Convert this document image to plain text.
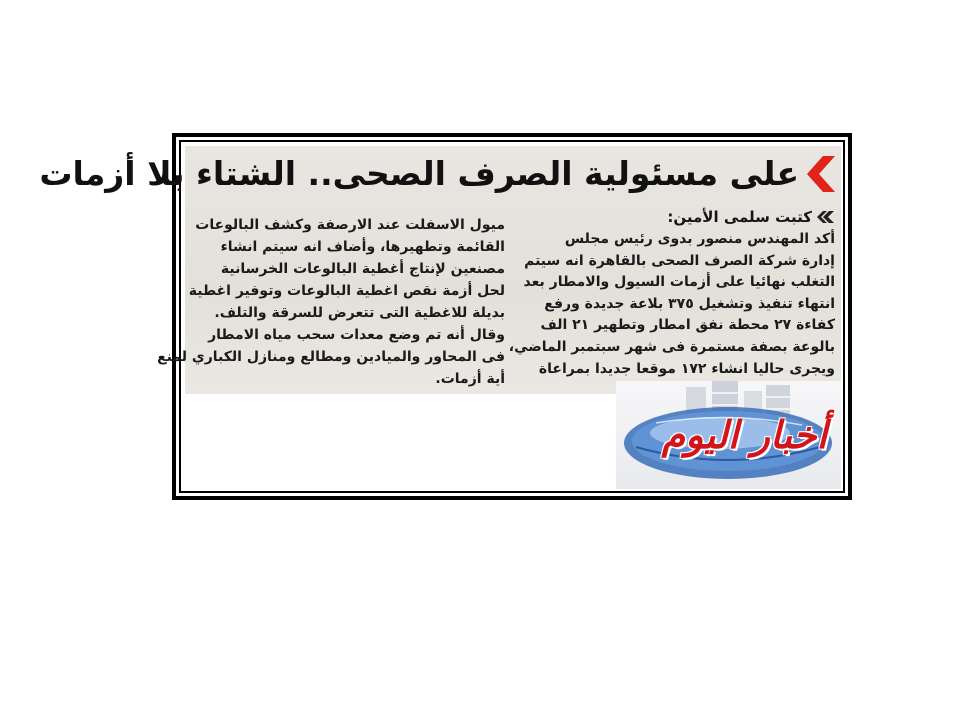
على مسئولية الصرف الصحى.. الشتاء بلا أزمات
كتبت سلمى الأمين:
أكد المهندس منصور بدوى رئيس مجلس
إدارة شركة الصرف الصحى بالقاهرة انه سيتم
التغلب نهائيا على أزمات السيول والامطار بعد
انتهاء تنفيذ وتشغيل ٣٧٥ بلاعة جديدة ورفع
كفاءة ٢٧ محطة نفق امطار وتطهير ٢١ الف
بالوعة بصفة مستمرة فى شهر سبتمبر الماضي،
ويجرى حاليا انشاء ١٧٢ موقعا جديدا بمراعاة
ميول الاسفلت عند الارصفة وكشف البالوعات
القائمة وتطهيرها، وأضاف انه سيتم انشاء
مصنعين لإنتاج أغطية البالوعات الخرسانية
لحل أزمة نقص اغطية البالوعات وتوفير اغطية
بديلة للاغطية التى تتعرض للسرقة والتلف.
وقال أنه تم وضع معدات سحب مياه الامطار
فى المحاور والميادين ومطالع ومنازل الكباري لمنع
أية أزمات.
أخبار اليوم
